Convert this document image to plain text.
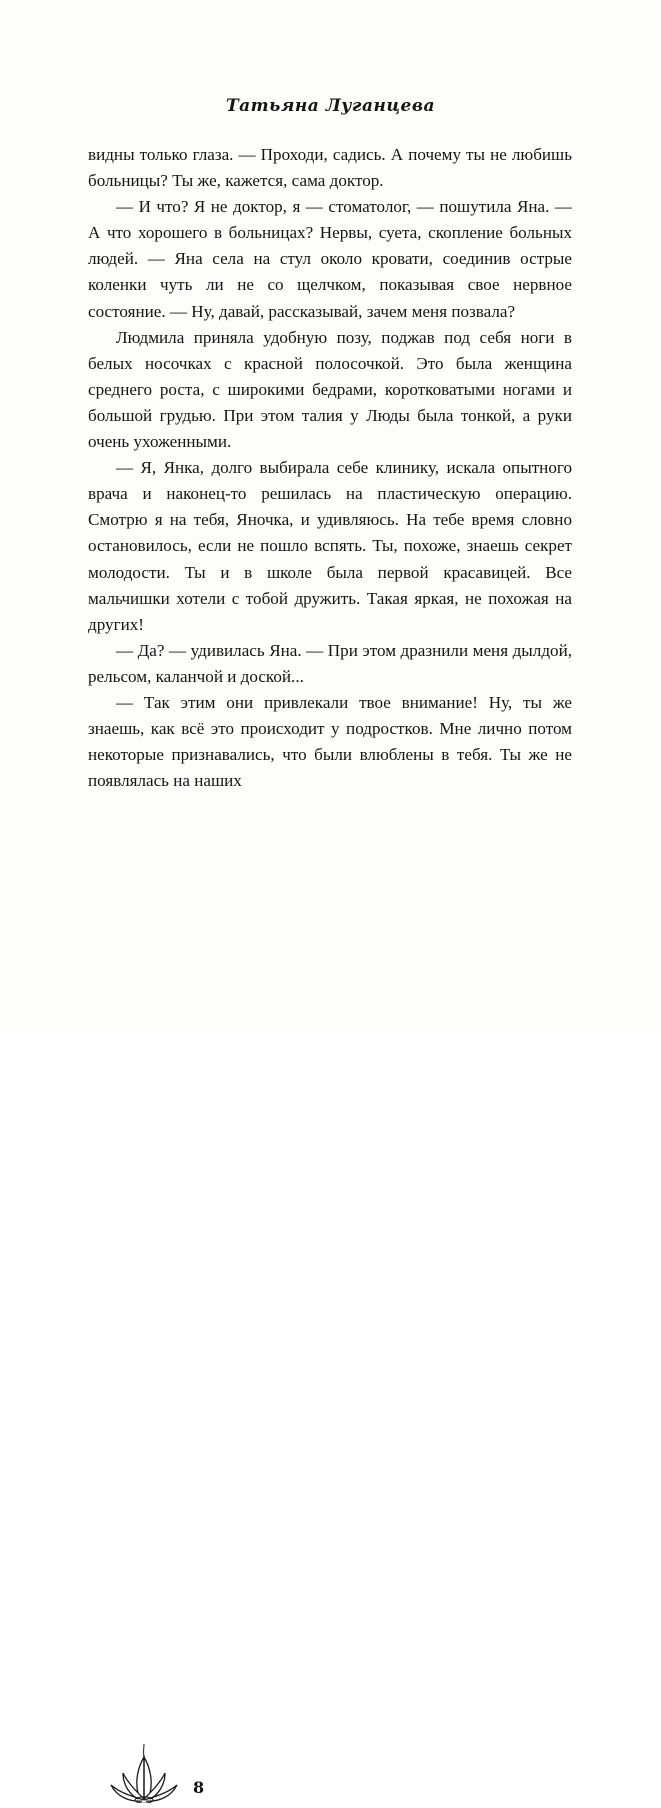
Татьяна Луганцева

видны только глаза. — Проходи, садись. А почему ты не любишь больницы? Ты же, кажется, сама доктор.

— И что? Я не доктор, я — стоматолог, — пошутила Яна. — А что хорошего в больницах? Нервы, суета, скопление больных людей. — Яна села на стул около кровати, соединив острые коленки чуть ли не со щелчком, показывая свое нервное состояние. — Ну, давай, рассказывай, зачем меня позвала?

Людмила приняла удобную позу, поджав под себя ноги в белых носочках с красной полосочкой. Это была женщина среднего роста, с широкими бедрами, коротковатыми ногами и большой грудью. При этом талия у Люды была тонкой, а руки очень ухоженными.

— Я, Янка, долго выбирала себе клинику, искала опытного врача и наконец-то решилась на пластическую операцию. Смотрю я на тебя, Яночка, и удивляюсь. На тебе время словно остановилось, если не пошло вспять. Ты, похоже, знаешь секрет молодости. Ты и в школе была первой красавицей. Все мальчишки хотели с тобой дружить. Такая яркая, не похожая на других!

— Да? — удивилась Яна. — При этом дразнили меня дылдой, рельсом, каланчой и доской...

— Так этим они привлекали твое внимание! Ну, ты же знаешь, как всё это происходит у подростков. Мне лично потом некоторые признавались, что были влюблены в тебя. Ты же не появлялась на наших

8
